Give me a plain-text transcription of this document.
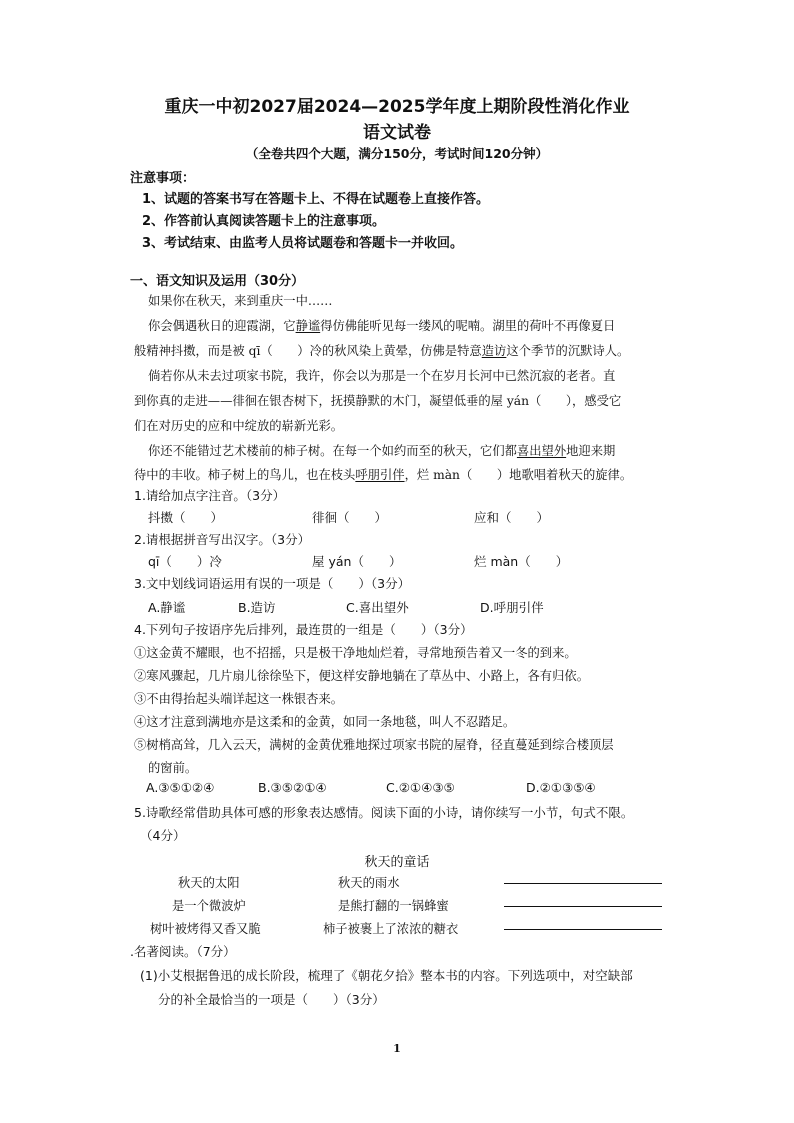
重庆一中初2027届2024—2025学年度上期阶段性消化作业
语文试卷
（全卷共四个大题，满分150分，考试时间120分钟）
注意事项：
1、试题的答案书写在答题卡上、不得在试题卷上直接作答。
2、作答前认真阅读答题卡上的注意事项。
3、考试结束、由监考人员将试题卷和答题卡一并收回。
一、语文知识及运用（30分）
如果你在秋天，来到重庆一中……
你会偶遇秋日的迎霞湖，它静谧得仿佛能听见每一缕风的呢喃。湖里的荷叶不再像夏日
般精神抖擞，而是被 qī（　　）冷的秋风染上黄晕，仿佛是特意造访这个季节的沉默诗人。
倘若你从未去过项家书院，我许，你会以为那是一个在岁月长河中已然沉寂的老者。直
到你真的走进——徘徊在银杏树下，抚摸静默的木门，凝望低垂的屋 yán（　　），感受它
们在对历史的应和中绽放的崭新光彩。
你还不能错过艺术楼前的柿子树。在每一个如约而至的秋天，它们都喜出望外地迎来期
待中的丰收。柿子树上的鸟儿，也在枝头呼朋引伴，烂 màn（　　）地歌唱着秋天的旋律。
1.请给加点字注音。（3分）
抖擞（　　）	徘徊（　　）	应和（　　）
2.请根据拼音写出汉字。（3分）
qī（　　）冷	屋 yán（　　）	烂 màn（　　）
3.文中划线词语运用有误的一项是（　　）（3分）
A.静谧	B.造访	C.喜出望外	D.呼朋引伴
4.下列句子按语序先后排列，最连贯的一组是（　　）（3分）
①这金黄不耀眼，也不招摇，只是极干净地灿烂着，寻常地预告着又一冬的到来。
②寒风骤起，几片扇儿徐徐坠下，便这样安静地躺在了草丛中、小路上，各有归依。
③不由得抬起头端详起这一株银杏来。
④这才注意到满地亦是这柔和的金黄，如同一条地毯，叫人不忍踏足。
⑤树梢高耸，几入云天，满树的金黄优雅地探过项家书院的屋脊，径直蔓延到综合楼顶层
的窗前。
A.③⑤①②④	B.③⑤②①④	C.②①④③⑤	D.②①③⑤④
5.诗歌经常借助具体可感的形象表达感情。阅读下面的小诗，请你续写一小节，句式不限。
（4分）
秋天的童话
秋天的太阳
是一个微波炉
树叶被烤得又香又脆
秋天的雨水
是熊打翻的一锅蜂蜜
柿子被裹上了浓浓的糖衣
.名著阅读。（7分）
(1)小艾根据鲁迅的成长阶段，梳理了《朝花夕拾》整本书的内容。下列选项中，对空缺部
分的补全最恰当的一项是（　　）（3分）
1
